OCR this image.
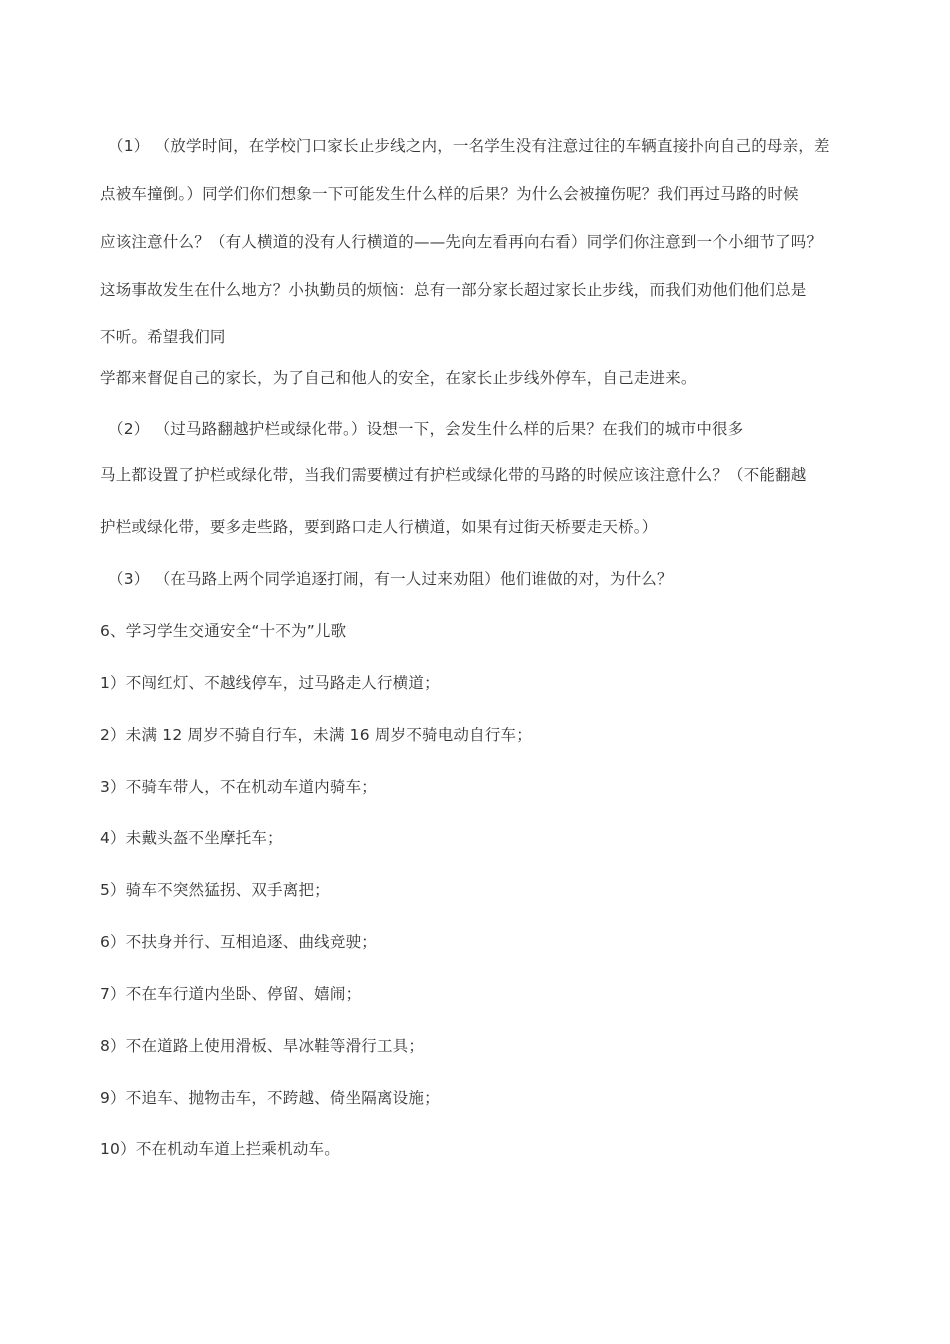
（1） （放学时间，在学校门口家长止步线之内，一名学生没有注意过往的车辆直接扑向自己的母亲，差
点被车撞倒。）同学们你们想象一下可能发生什么样的后果？为什么会被撞伤呢？我们再过马路的时候
应该注意什么？（有人横道的没有人行横道的——先向左看再向右看）同学们你注意到一个小细节了吗？
这场事故发生在什么地方？小执勤员的烦恼：总有一部分家长超过家长止步线，而我们劝他们他们总是
不听。希望我们同
学都来督促自己的家长，为了自己和他人的安全，在家长止步线外停车，自己走进来。
（2） （过马路翻越护栏或绿化带。）设想一下，会发生什么样的后果？在我们的城市中很多
马上都设置了护栏或绿化带，当我们需要横过有护栏或绿化带的马路的时候应该注意什么？（不能翻越
护栏或绿化带，要多走些路，要到路口走人行横道，如果有过街天桥要走天桥。）
（3） （在马路上两个同学追逐打闹，有一人过来劝阻）他们谁做的对，为什么？
6、学习学生交通安全“十不为”儿歌
1）不闯红灯、不越线停车，过马路走人行横道；
2）未满 12 周岁不骑自行车，未满 16 周岁不骑电动自行车；
3）不骑车带人，不在机动车道内骑车；
4）未戴头盔不坐摩托车；
5）骑车不突然猛拐、双手离把；
6）不扶身并行、互相追逐、曲线竞驶；
7）不在车行道内坐卧、停留、嬉闹；
8）不在道路上使用滑板、旱冰鞋等滑行工具；
9）不追车、抛物击车，不跨越、倚坐隔离设施；
10）不在机动车道上拦乘机动车。
